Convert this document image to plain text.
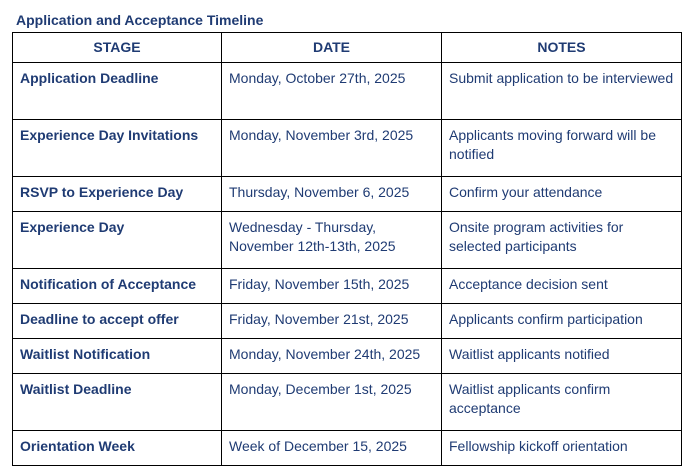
Application and Acceptance Timeline
STAGE	DATE	NOTES
Application Deadline	Monday, October 27th, 2025	Submit application to be interviewed
Experience Day Invitations	Monday, November 3rd, 2025	Applicants moving forward will be notified
RSVP to Experience Day	Thursday, November 6, 2025	Confirm your attendance
Experience Day	Wednesday - Thursday, November 12th-13th, 2025	Onsite program activities for selected participants
Notification of Acceptance	Friday, November 15th, 2025	Acceptance decision sent
Deadline to accept offer	Friday, November 21st, 2025	Applicants confirm participation
Waitlist Notification	Monday, November 24th, 2025	Waitlist applicants notified
Waitlist Deadline	Monday, December 1st, 2025	Waitlist applicants confirm acceptance
Orientation Week	Week of December 15, 2025	Fellowship kickoff orientation
